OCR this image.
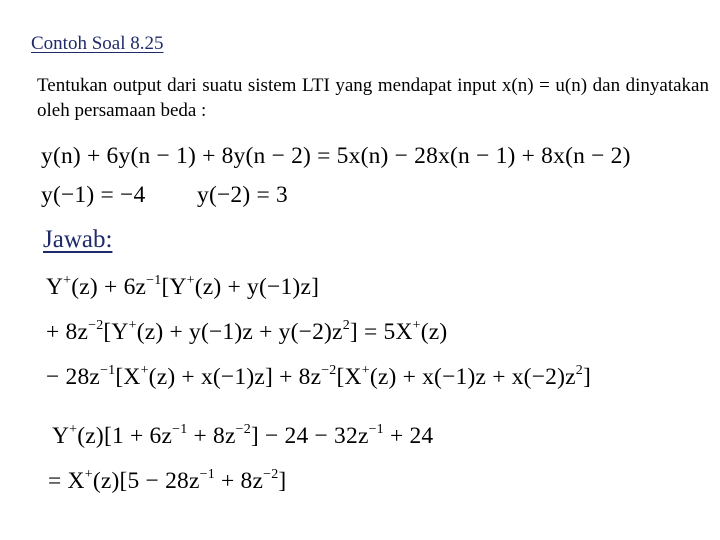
Contoh Soal 8.25
Tentukan output dari suatu sistem LTI yang mendapat input x(n) = u(n) dan dinyatakan oleh persamaan beda :
y(n) + 6y(n − 1) + 8y(n − 2) = 5x(n) − 28x(n − 1) + 8x(n − 2)
y(−1) = −4 y(−2) = 3
Jawab:
$Y^+(z) + 6z^{-1}[Y^+(z) + y(-1)z]$
+ $8z^{-2}[Y^+(z) + y(-1)z + y(-2)z^2] = 5X^+(z)$
− $28z^{-1}[X^+(z) + x(-1)z] + 8z^{-2}[X^+(z) + x(-1)z + x(-2)z^2]$
$Y^+(z)[1 + 6z^{-1} + 8z^{-2}] - 24 - 32z^{-1} + 24$
= $X^+(z)[5 - 28z^{-1} + 8z^{-2}]$
